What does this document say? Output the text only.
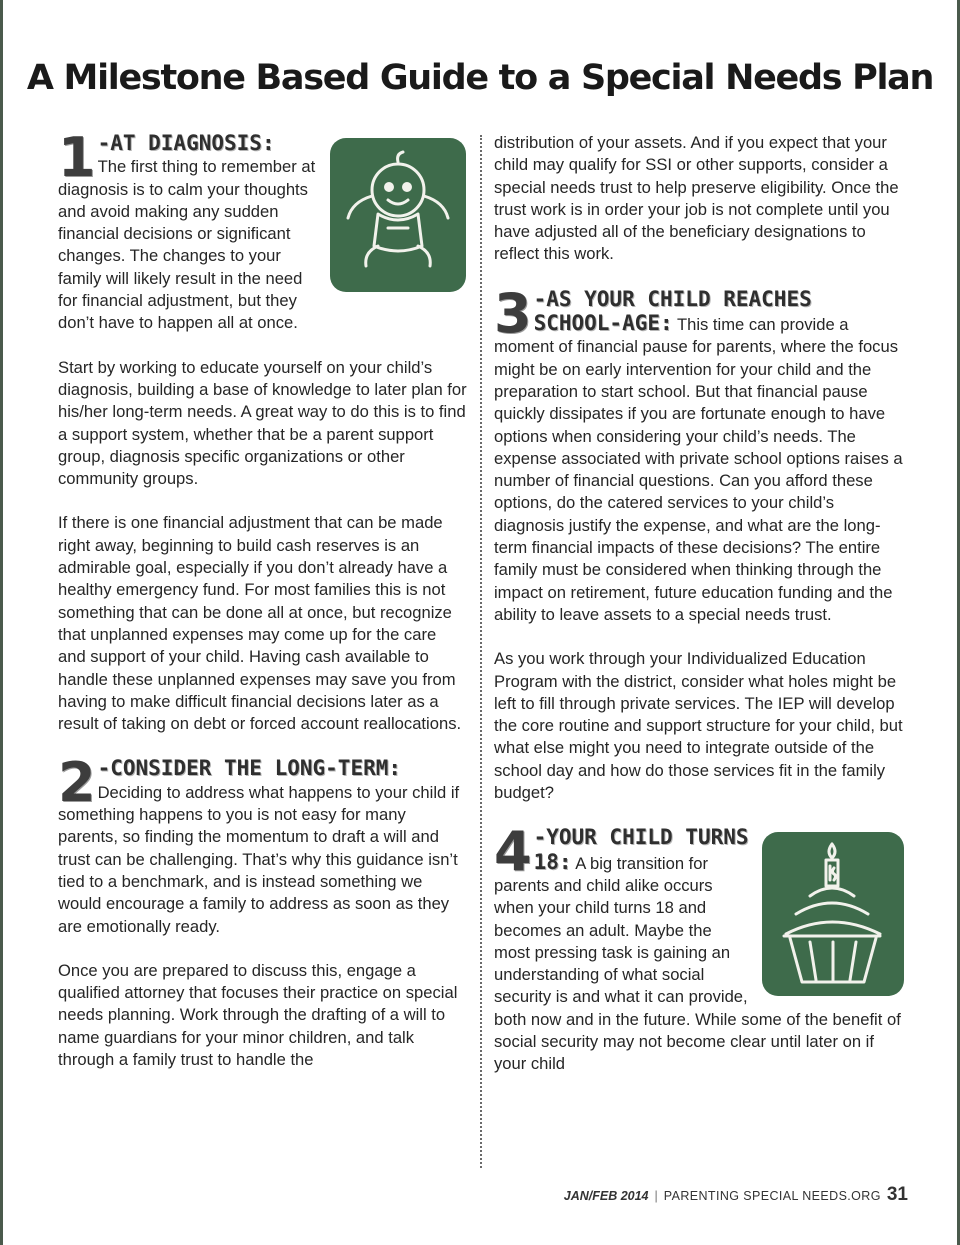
A Milestone Based Guide to a Special Needs Plan

1 -AT DIAGNOSIS:
The first thing to remember at diagnosis is to calm your thoughts and avoid making any sudden financial decisions or significant changes. The changes to your family will likely result in the need for financial adjustment, but they don’t have to happen all at once.

Start by working to educate yourself on your child’s diagnosis, building a base of knowledge to later plan for his/her long-term needs. A great way to do this is to find a support system, whether that be a parent support group, diagnosis specific organizations or other community groups.

If there is one financial adjustment that can be made right away, beginning to build cash reserves is an admirable goal, especially if you don’t already have a healthy emergency fund. For most families this is not something that can be done all at once, but recognize that unplanned expenses may come up for the care and support of your child. Having cash available to handle these unplanned expenses may save you from having to make difficult financial decisions later as a result of taking on debt or forced account reallocations.

2 -CONSIDER THE LONG-TERM:
Deciding to address what happens to your child if something happens to you is not easy for many parents, so finding the momentum to draft a will and trust can be challenging. That’s why this guidance isn’t tied to a benchmark, and is instead something we would encourage a family to address as soon as they are emotionally ready.

Once you are prepared to discuss this, engage a qualified attorney that focuses their practice on special needs planning. Work through the drafting of a will to name guardians for your minor children, and talk through a family trust to handle the

distribution of your assets. And if you expect that your child may qualify for SSI or other supports, consider a special needs trust to help preserve eligibility. Once the trust work is in order your job is not complete until you have adjusted all of the beneficiary designations to reflect this work.

3 -AS YOUR CHILD REACHES SCHOOL-AGE: This time can provide a moment of financial pause for parents, where the focus might be on early intervention for your child and the preparation to start school. But that financial pause quickly dissipates if you are fortunate enough to have options when considering your child’s needs. The expense associated with private school options raises a number of financial questions. Can you afford these options, do the catered services to your child’s diagnosis justify the expense, and what are the long-term financial impacts of these decisions? The entire family must be considered when thinking through the impact on retirement, future education funding and the ability to leave assets to a special needs trust.

As you work through your Individualized Education Program with the district, consider what holes might be left to fill through private services. The IEP will develop the core routine and support structure for your child, but what else might you need to integrate outside of the school day and how do those services fit in the family budget?

4 -YOUR CHILD TURNS 18: A big transition for parents and child alike occurs when your child turns 18 and becomes an adult. Maybe the most pressing task is gaining an understanding of what social security is and what it can provide, both now and in the future. While some of the benefit of social security may not become clear until later on if your child

JAN/FEB 2014 | PARENTING SPECIAL NEEDS.ORG 31
